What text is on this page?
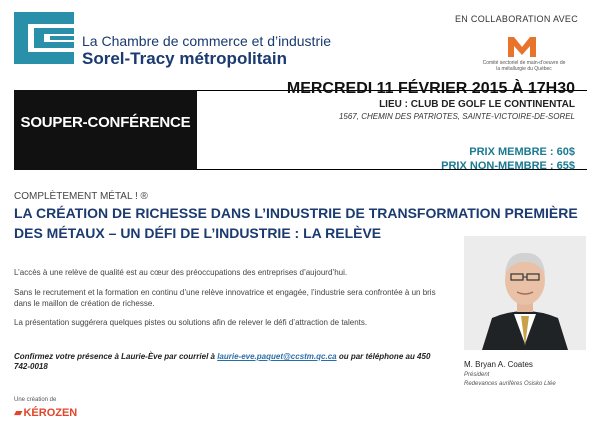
La Chambre de commerce et d’industrie
Sorel-Tracy métropolitain
EN COLLABORATION AVEC
Comité sectoriel de main-d’oeuvre de la métallurgie du Québec
SOUPER-CONFÉRENCE
MERCREDI 11 FÉVRIER 2015 À 17H30
LIEU : CLUB DE GOLF LE CONTINENTAL
1567, CHEMIN DES PATRIOTES, SAINTE-VICTOIRE-DE-SOREL
PRIX MEMBRE : 60$
PRIX NON-MEMBRE : 65$
COMPLÈTEMENT MÉTAL ! ®
LA CRÉATION DE RICHESSE DANS L’INDUSTRIE DE TRANSFORMATION PREMIÈRE DES MÉTAUX – UN DÉFI DE L’INDUSTRIE : LA RELÈVE

L’accès à une relève de qualité est au cœur des préoccupations des entreprises d’aujourd’hui.

Sans le recrutement et la formation en continu d’une relève innovatrice et engagée, l’industrie sera confrontée à un bris dans le maillon de création de richesse.

La présentation suggérera quelques pistes ou solutions afin de relever le défi d’attraction de talents.

Confirmez votre présence à Laurie-Ève par courriel à laurie-eve.paquet@ccstm.qc.ca ou par téléphone au 450 742-0018	M. Bryan A. Coates
Président
Redevances aurifères Osisko Ltée
Une création de
▰KÉROZEN
